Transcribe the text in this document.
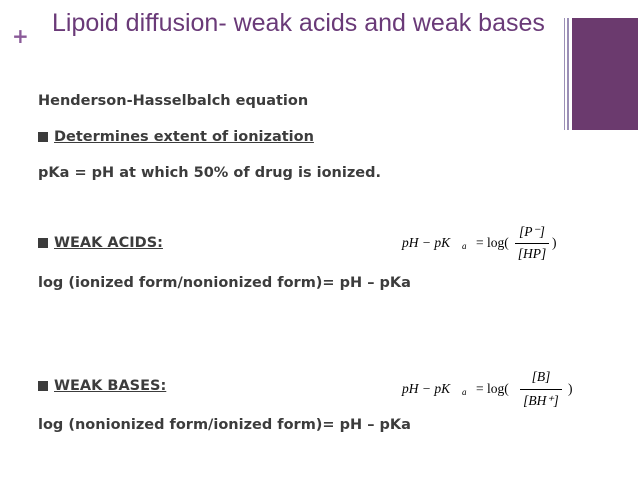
+ Lipoid diffusion- weak acids and weak bases
Henderson-Hasselbalch equation
Determines extent of ionization
pKa = pH at which 50% of drug is ionized.
WEAK ACIDS:
log (ionized form/nonionized form)= pH – pKa
pH − pK a = log(
[P⁻]
[HP]
)
WEAK BASES:
log (nonionized form/ionized form)= pH – pKa
pH − pK a = log(
[B]
[BH⁺]
)
